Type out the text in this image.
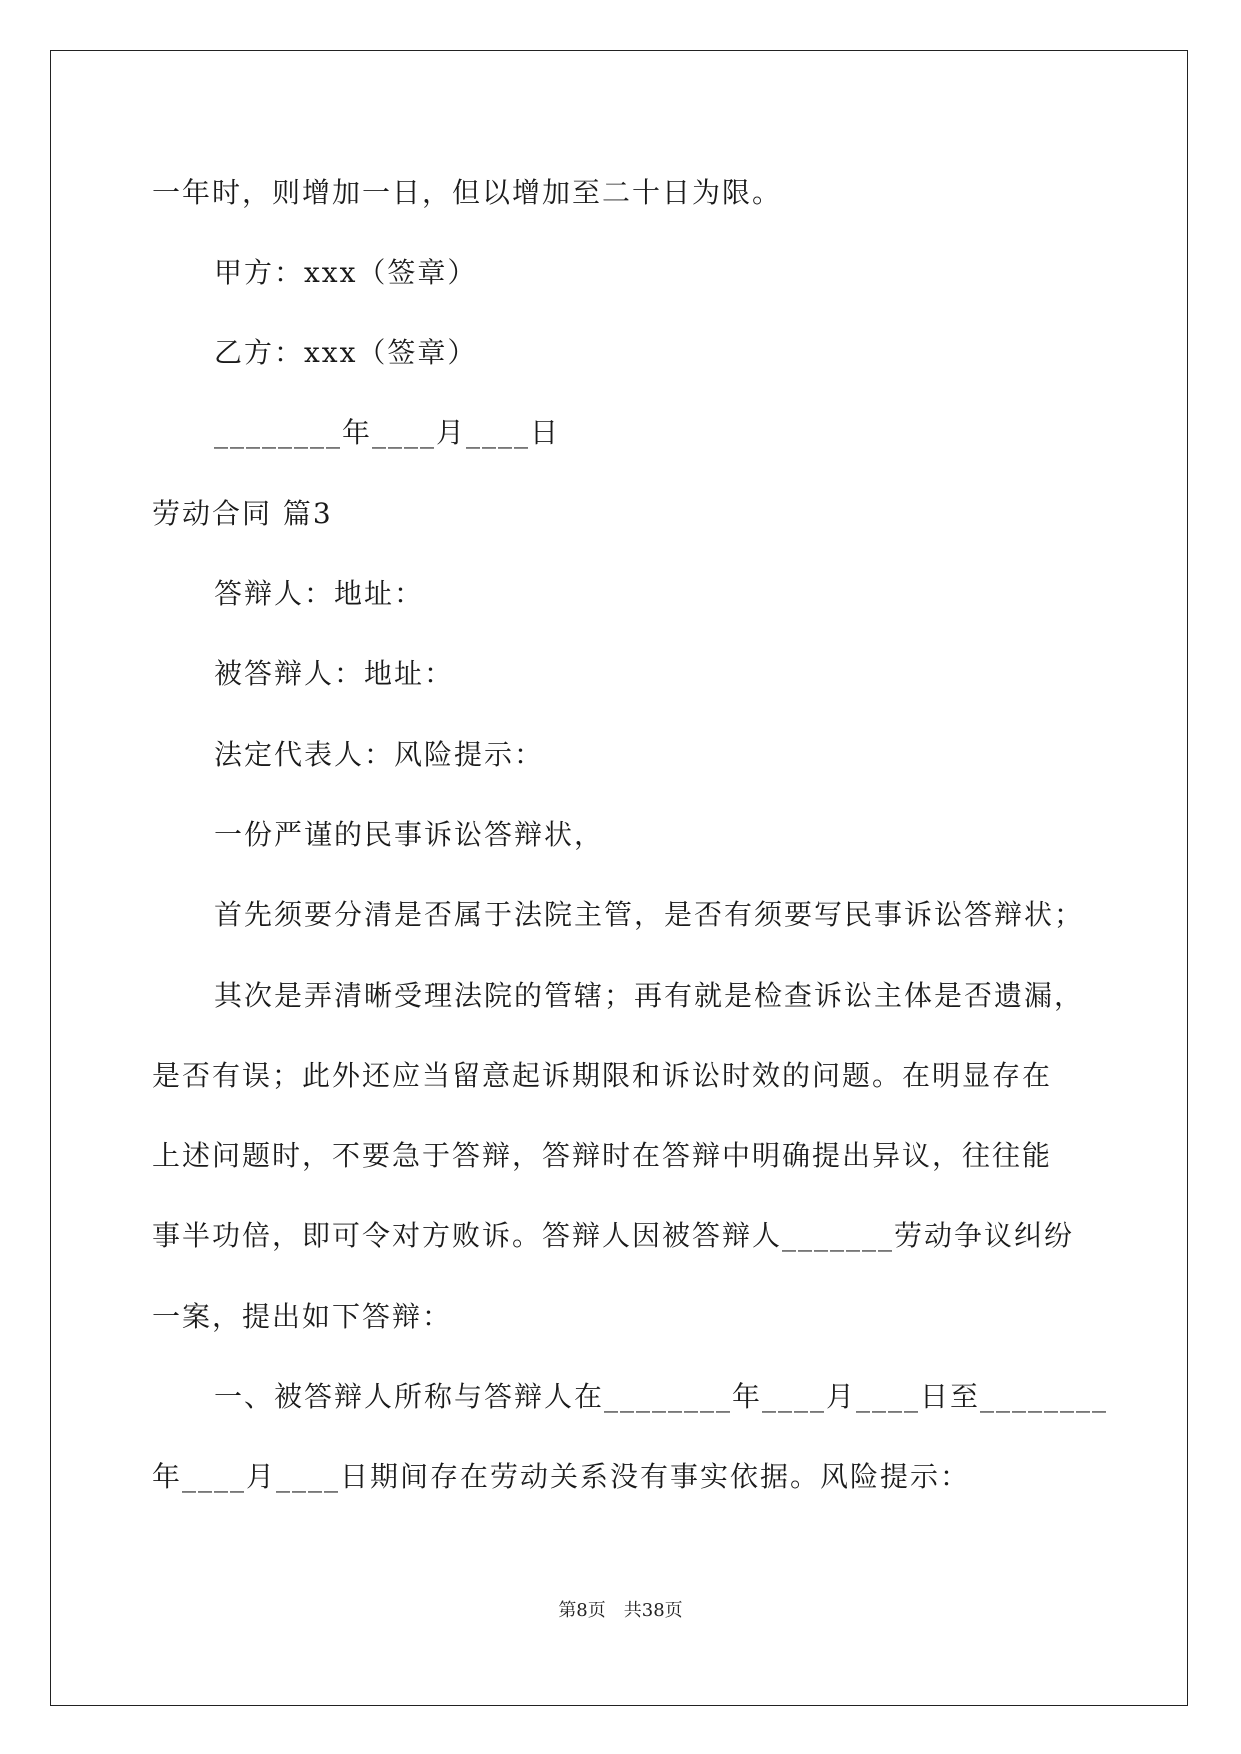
一年时，则增加一日，但以增加至二十日为限。
甲方：xxx（签章）
乙方：xxx（签章）
________年____月____日
劳动合同 篇3
答辩人：地址：
被答辩人：地址：
法定代表人：风险提示：
一份严谨的民事诉讼答辩状，
首先须要分清是否属于法院主管，是否有须要写民事诉讼答辩状；
其次是弄清晰受理法院的管辖；再有就是检查诉讼主体是否遗漏，
是否有误；此外还应当留意起诉期限和诉讼时效的问题。在明显存在
上述问题时，不要急于答辩，答辩时在答辩中明确提出异议，往往能
事半功倍，即可令对方败诉。答辩人因被答辩人_______劳动争议纠纷
一案，提出如下答辩：
一、被答辩人所称与答辩人在________年____月____日至________
年____月____日期间存在劳动关系没有事实依据。风险提示：
第8页　共38页
